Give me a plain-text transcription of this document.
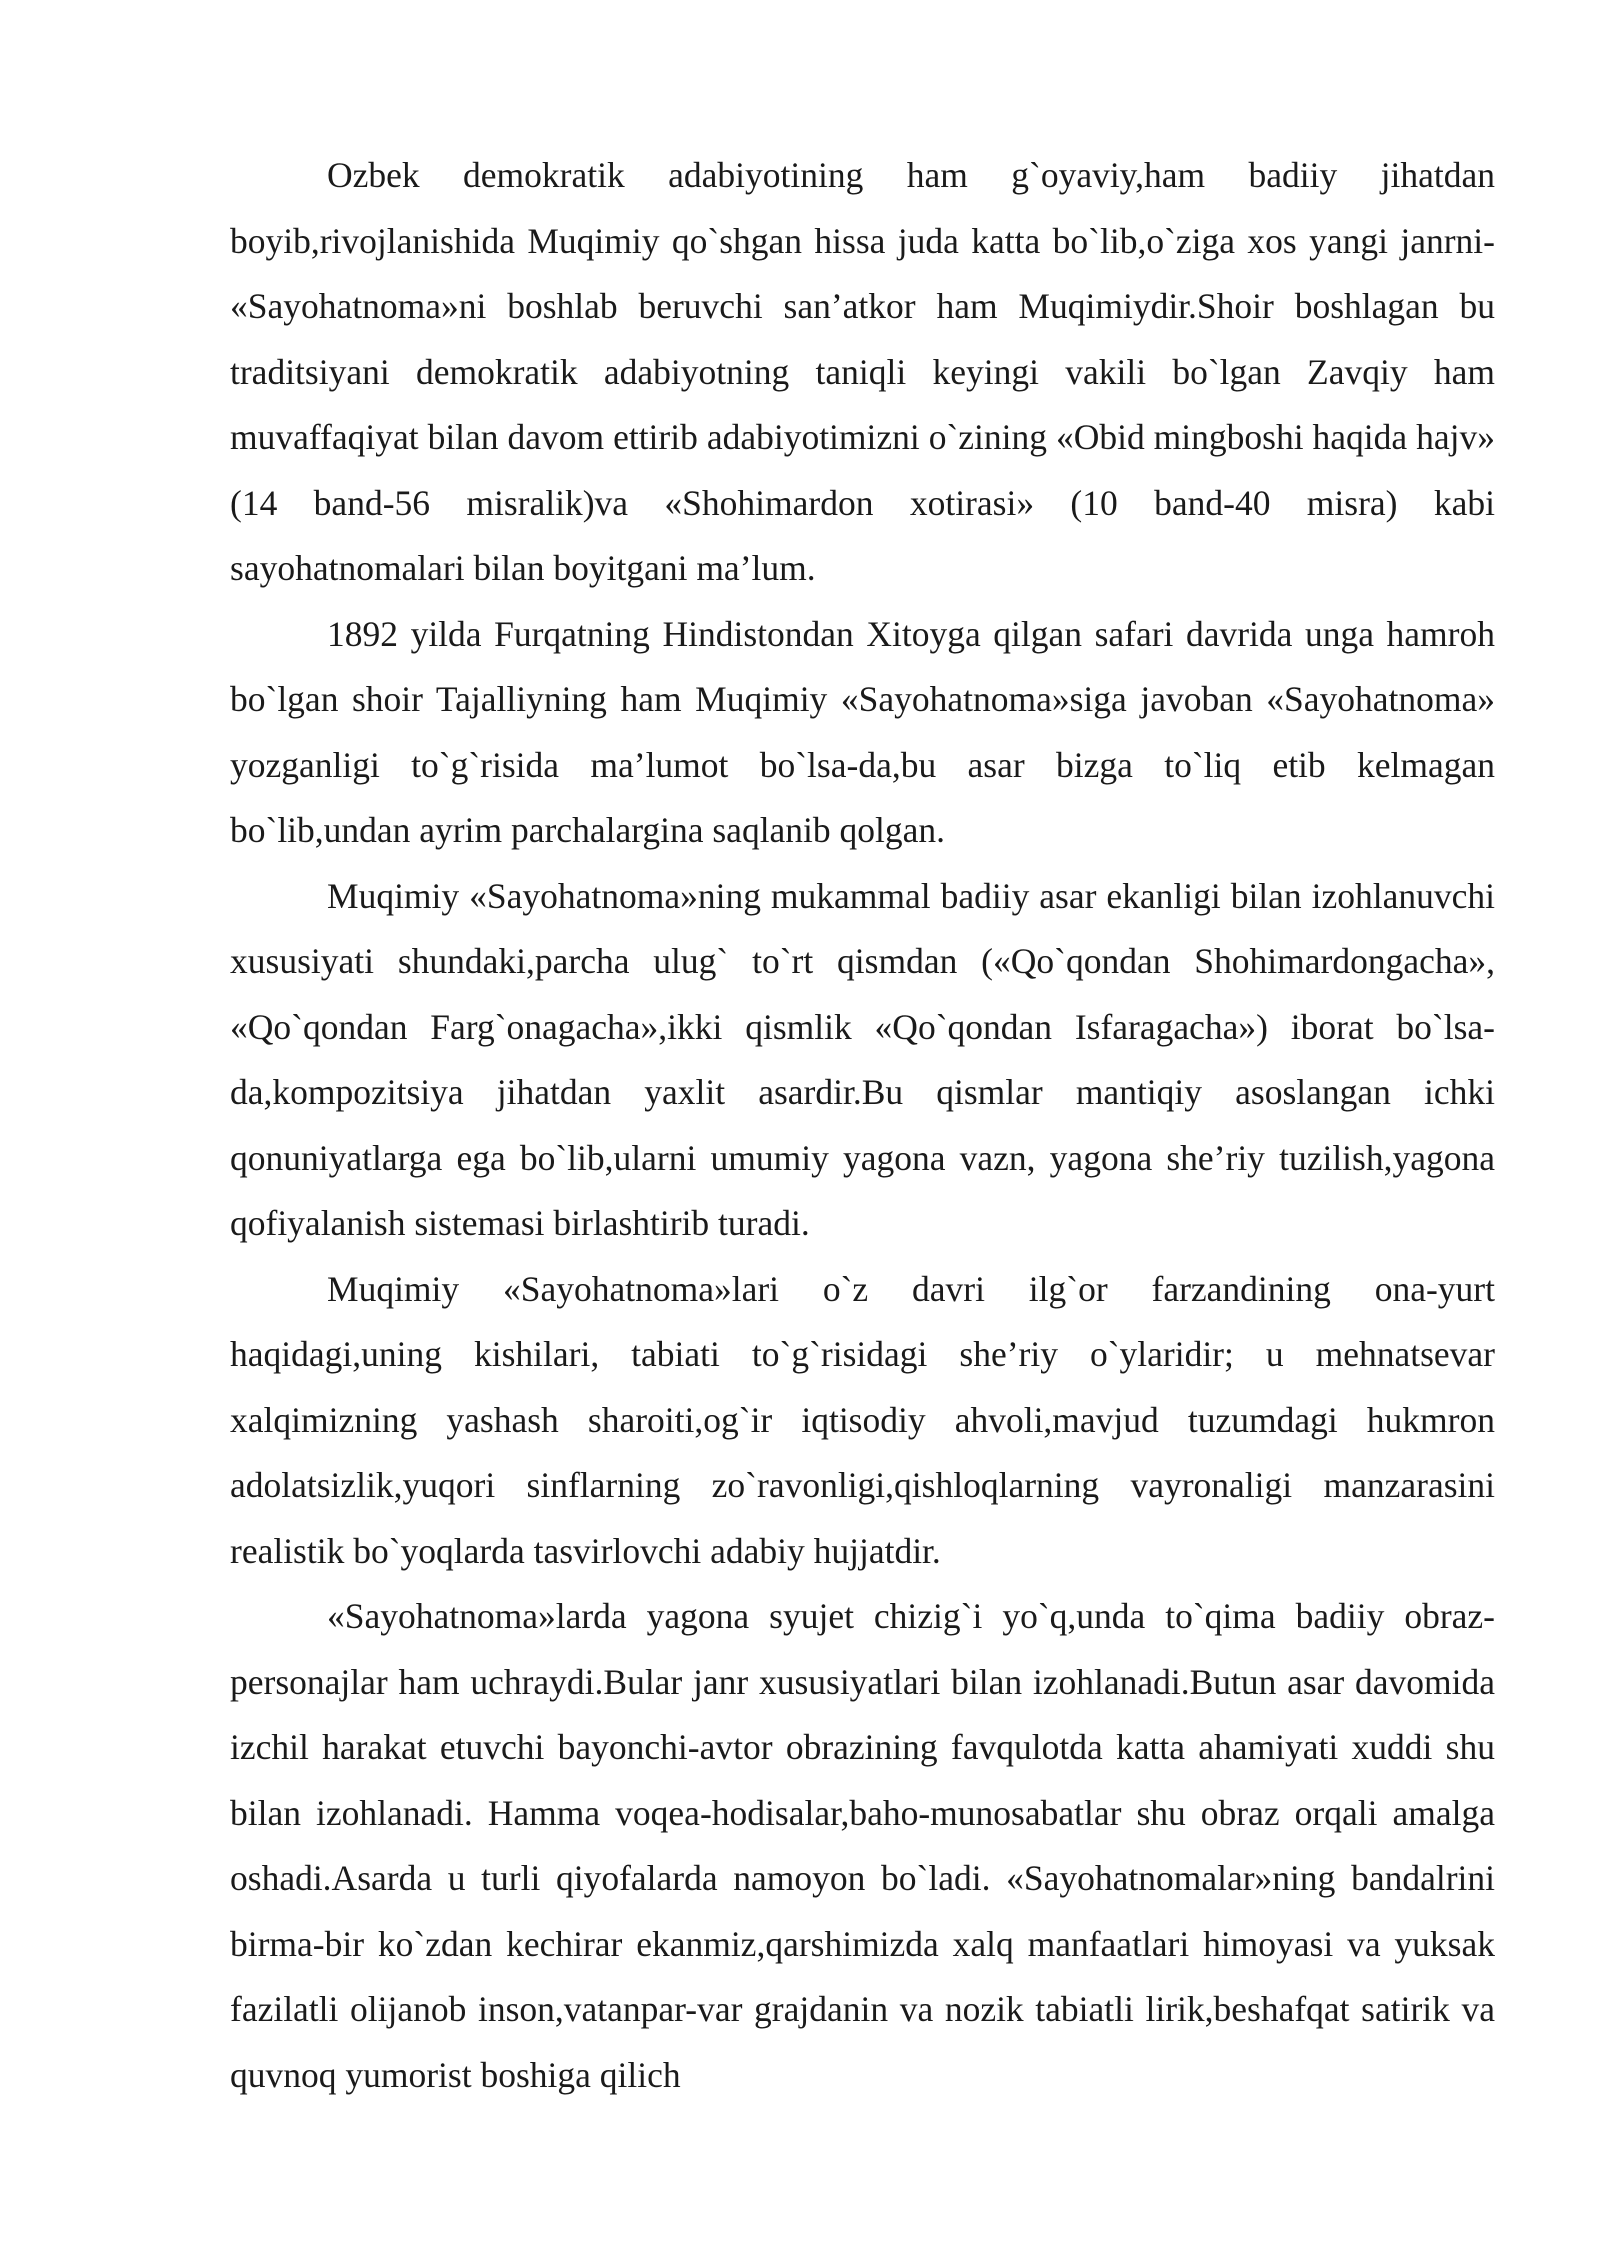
Ozbek demokratik adabiyotining ham g`oyaviy,ham badiiy jihatdan boyib,rivojlanishida Muqimiy qo`shgan hissa juda katta bo`lib,o`ziga xos yangi janrni- «Sayohatnoma»ni boshlab beruvchi san’atkor ham Muqimiydir.Shoir boshlagan bu traditsiyani demokratik adabiyotning taniqli keyingi vakili bo`lgan Zavqiy ham muvaffaqiyat bilan davom ettirib adabiyotimizni o`zining «Obid mingboshi haqida hajv» (14 band-56 misralik)va «Shohimardon xotirasi» (10 band-40 misra) kabi sayohatnomalari bilan boyitgani ma’lum.

1892 yilda Furqatning Hindistondan Xitoyga qilgan safari davrida unga hamroh bo`lgan shoir Tajalliyning ham Muqimiy «Sayohatnoma»siga javoban «Sayohatnoma» yozganligi to`g`risida ma’lumot bo`lsa-da,bu asar bizga to`liq etib kelmagan bo`lib,undan ayrim parchalargina saqlanib qolgan.

Muqimiy «Sayohatnoma»ning mukammal badiiy asar ekanligi bilan izohlanuvchi xususiyati shundaki,parcha ulug` to`rt qismdan («Qo`qondan Shohimardongacha», «Qo`qondan Farg`onagacha»,ikki qismlik «Qo`qondan Isfaragacha») iborat bo`lsa-da,kompozitsiya jihatdan yaxlit asardir.Bu qismlar mantiqiy asoslangan ichki qonuniyatlarga ega bo`lib,ularni umumiy yagona vazn, yagona she’riy tuzilish,yagona qofiyalanish sistemasi birlashtirib turadi.

Muqimiy «Sayohatnoma»lari o`z davri ilg`or farzandining ona-yurt haqidagi,uning kishilari, tabiati to`g`risidagi she’riy o`ylaridir; u mehnatsevar xalqimizning yashash sharoiti,og`ir iqtisodiy ahvoli,mavjud tuzumdagi hukmron adolatsizlik,yuqori sinflarning zo`ravonligi,qishloqlarning vayronaligi manzarasini realistik bo`yoqlarda tasvirlovchi adabiy hujjatdir.

«Sayohatnoma»larda yagona syujet chizig`i yo`q,unda to`qima badiiy obraz-personajlar ham uchraydi.Bular janr xususiyatlari bilan izohlanadi.Butun asar davomida izchil harakat etuvchi bayonchi-avtor obrazining favqulotda katta ahamiyati xuddi shu bilan izohlanadi. Hamma voqea-hodisalar,baho-munosabatlar shu obraz orqali amalga oshadi.Asarda u turli qiyofalarda namoyon bo`ladi. «Sayohatnomalar»ning bandalrini birma-bir ko`zdan kechirar ekanmiz,qarshimizda xalq manfaatlari himoyasi va yuksak fazilatli olijanob inson,vatanpar-var grajdanin va nozik tabiatli lirik,beshafqat satirik va quvnoq yumorist boshiga qilich
